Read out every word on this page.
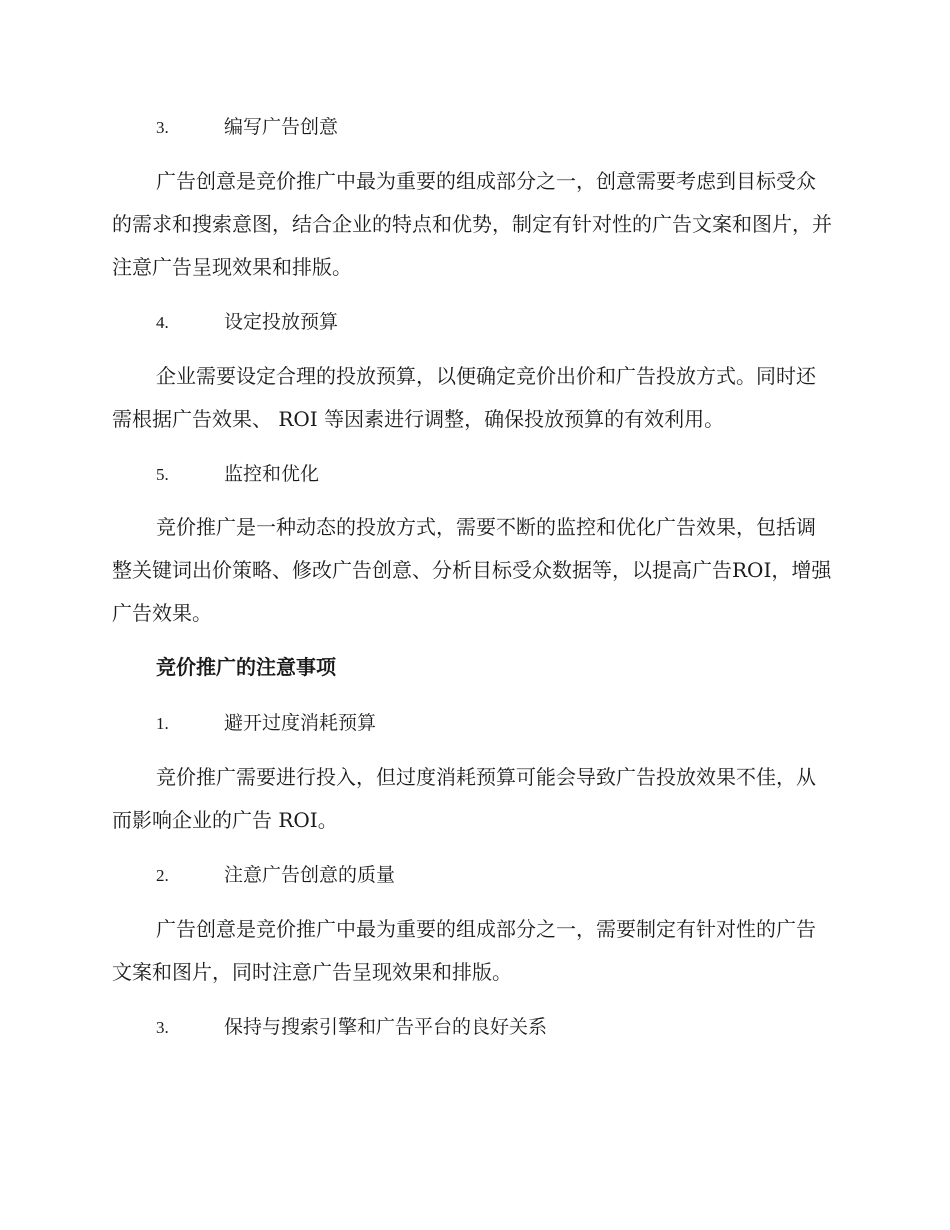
3.	编写广告创意

广告创意是竞价推广中最为重要的组成部分之一，创意需要考虑到目标受众的需求和搜索意图，结合企业的特点和优势，制定有针对性的广告文案和图片，并注意广告呈现效果和排版。

4.	设定投放预算

企业需要设定合理的投放预算，以便确定竞价出价和广告投放方式。同时还需根据广告效果、 ROI 等因素进行调整，确保投放预算的有效利用。

5.	监控和优化

竞价推广是一种动态的投放方式，需要不断的监控和优化广告效果，包括调整关键词出价策略、修改广告创意、分析目标受众数据等，以提高广告ROI，增强广告效果。

竞价推广的注意事项
1.	避开过度消耗预算

竞价推广需要进行投入，但过度消耗预算可能会导致广告投放效果不佳，从而影响企业的广告 ROI。

2.	注意广告创意的质量

广告创意是竞价推广中最为重要的组成部分之一，需要制定有针对性的广告文案和图片，同时注意广告呈现效果和排版。

3.	保持与搜索引擎和广告平台的良好关系
